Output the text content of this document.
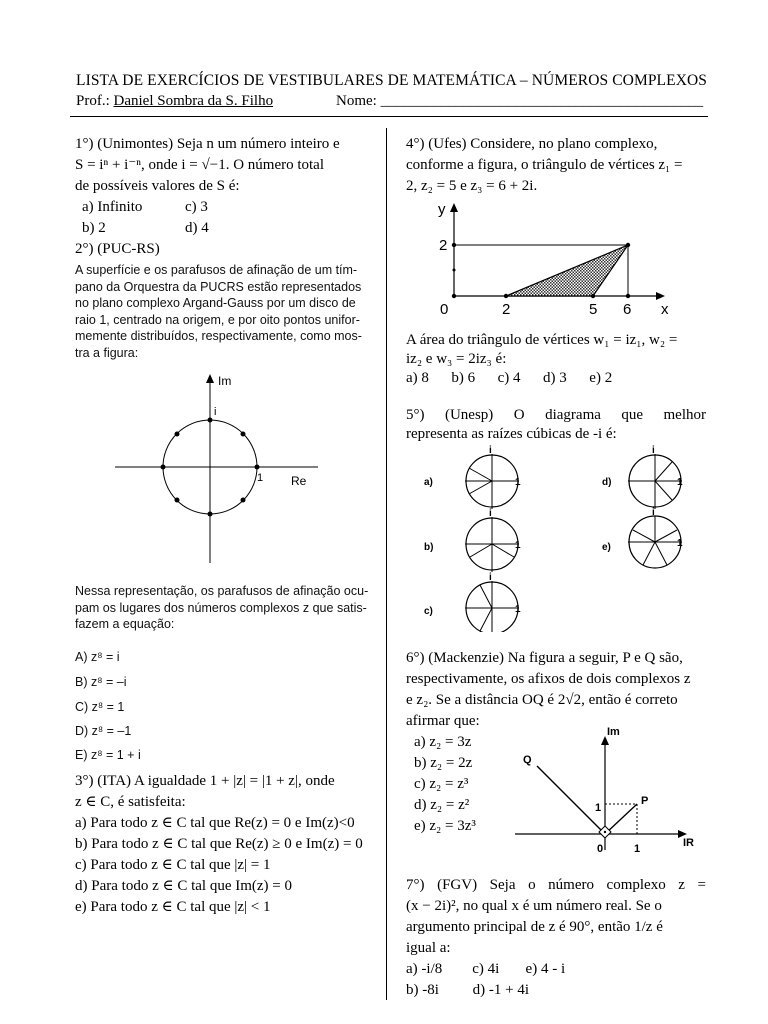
LISTA DE EXERCÍCIOS DE VESTIBULARES DE MATEMÁTICA – NÚMEROS COMPLEXOS
Prof.: Daniel Sombra da S. Filho	Nome: ___________________________________________
1°) (Unimontes) Seja n um número inteiro e
S = iⁿ + i⁻ⁿ, onde i = √−1. O número total
de possíveis valores de S é:
a) Infinito	c) 3
b) 2	d) 4
2°) (PUC-RS)
A superfície e os parafusos de afinação de um tím-
pano da Orquestra da PUCRS estão representados
no plano complexo Argand-Gauss por um disco de
raio 1, centrado na origem, e por oito pontos unifor-
memente distribuídos, respectivamente, como mos-
tra a figura:
Im
i
1 Re
Nessa representação, os parafusos de afinação ocu-
pam os lugares dos números complexos z que satis-
fazem a equação:
A) z⁸ = i
B) z⁸ = –i
C) z⁸ = 1
D) z⁸ = –1
E) z⁸ = 1 + i
3°) (ITA) A igualdade 1 + |z| = |1 + z|, onde
z ∈ C, é satisfeita:
a) Para todo z ∈ C tal que Re(z) = 0 e Im(z)<0
b) Para todo z ∈ C tal que Re(z) ≥ 0 e Im(z) = 0
c) Para todo z ∈ C tal que |z| = 1
d) Para todo z ∈ C tal que Im(z) = 0
e) Para todo z ∈ C tal que |z| < 1
4°) (Ufes) Considere, no plano complexo,
conforme a figura, o triângulo de vértices z₁ =
2, z₂ = 5 e z₃ = 6 + 2i.
y
2
0	2	5 6 x
A área do triângulo de vértices w₁ = iz₁, w₂ =
iz₂ e w₃ = 2iz₃ é:
a) 8      b) 6      c) 4      d) 3      e) 2
5°) (Unesp) O diagrama que melhor
representa as raízes cúbicas de -i é:
a)
i
1	d)
i
1
b)
i
1	e)
i
1
c)
i
1
6°) (Mackenzie) Na figura a seguir, P e Q são,
respectivamente, os afixos de dois complexos z
e z₂. Se a distância OQ é 2√2, então é correto
afirmar que:
a) z₂ = 3z
b) z₂ = 2z
c) z₂ = z³
d) z₂ = z²
e) z₂ = 3z³
Im
Q
P
1
0	1	IR
7°) (FGV) Seja o número complexo z =
(x − 2i)², no qual x é um número real. Se o
argumento principal de z é 90°, então 1/z é
igual a:
a) -i/8        c) 4i       e) 4 - i
b) -8i         d) -1 + 4i
